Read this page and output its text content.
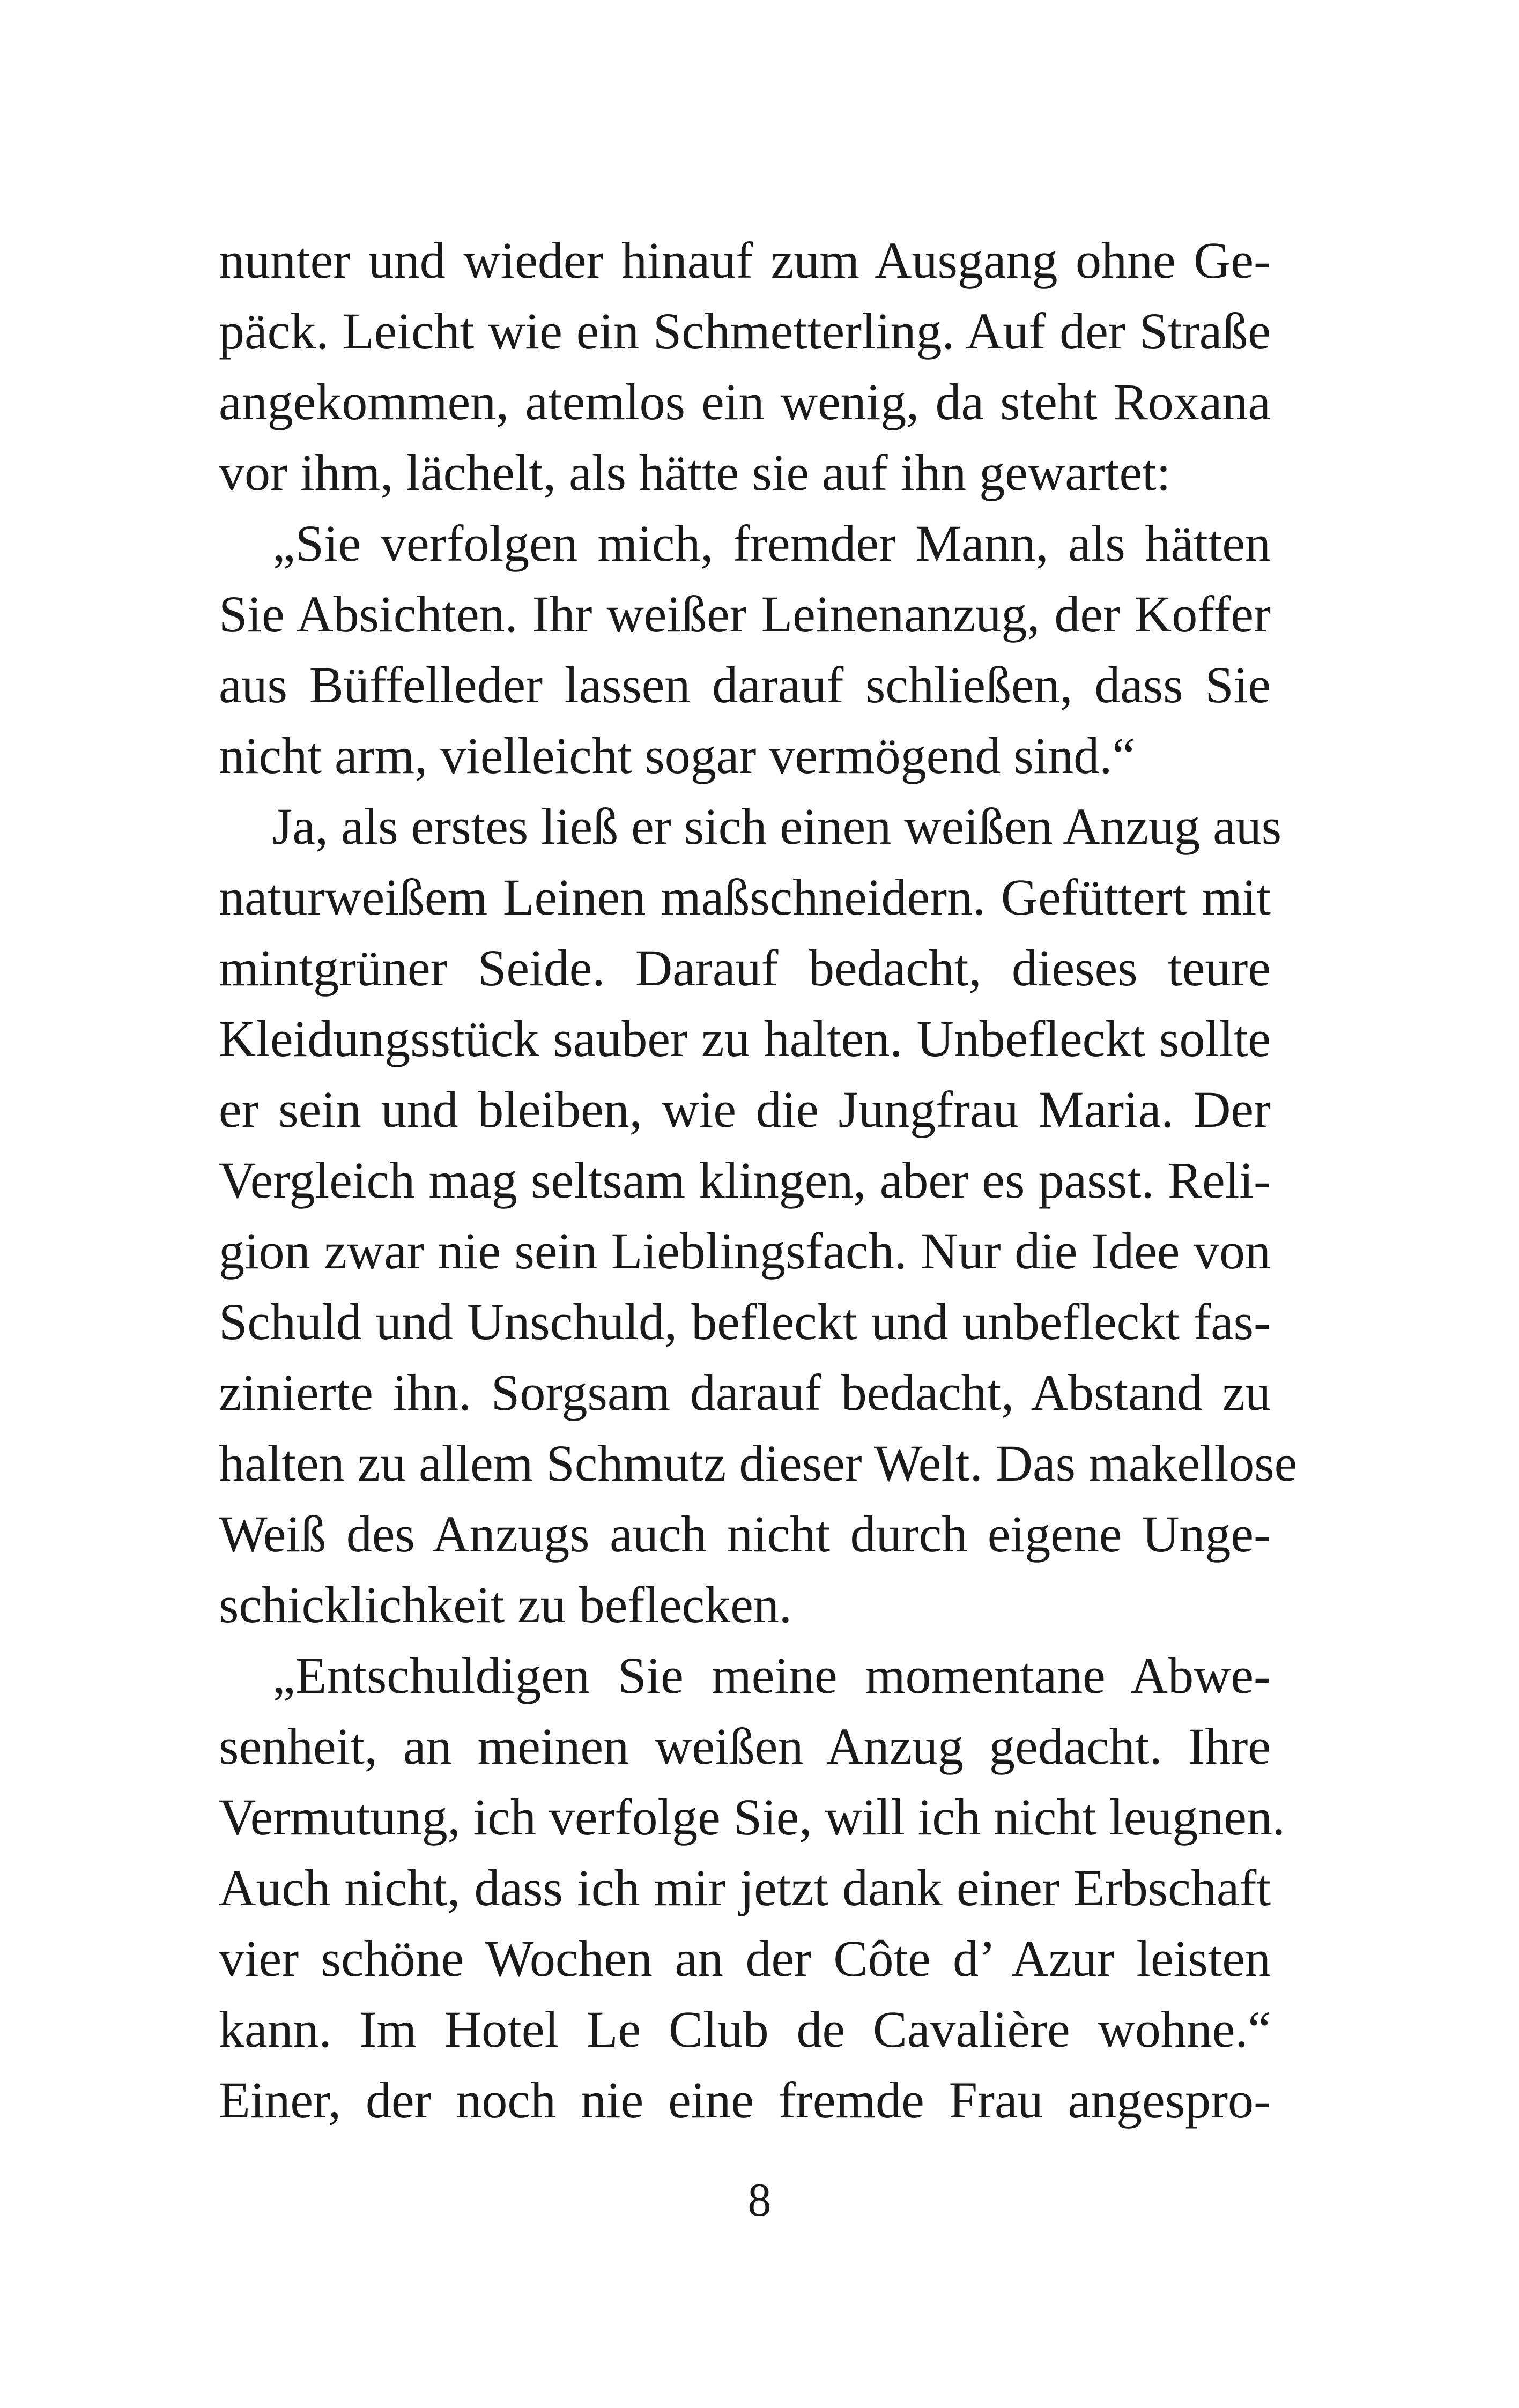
nunter und wieder hinauf zum Ausgang ohne Ge-
päck. Leicht wie ein Schmetterling. Auf der Straße
angekommen, atemlos ein wenig, da steht Roxana
vor ihm, lächelt, als hätte sie auf ihn gewartet:
„Sie verfolgen mich, fremder Mann, als hätten
Sie Absichten. Ihr weißer Leinenanzug, der Koffer
aus Büffelleder lassen darauf schließen, dass Sie
nicht arm, vielleicht sogar vermögend sind.“
Ja, als erstes ließ er sich einen weißen Anzug aus
naturweißem Leinen maßschneidern. Gefüttert mit
mintgrüner Seide. Darauf bedacht, dieses teure
Kleidungsstück sauber zu halten. Unbefleckt sollte
er sein und bleiben, wie die Jungfrau Maria. Der
Vergleich mag seltsam klingen, aber es passt. Reli-
gion zwar nie sein Lieblingsfach. Nur die Idee von
Schuld und Unschuld, befleckt und unbefleckt fas-
zinierte ihn. Sorgsam darauf bedacht, Abstand zu
halten zu allem Schmutz dieser Welt. Das makellose
Weiß des Anzugs auch nicht durch eigene Unge-
schicklichkeit zu beflecken.
„Entschuldigen Sie meine momentane Abwe-
senheit, an meinen weißen Anzug gedacht. Ihre
Vermutung, ich verfolge Sie, will ich nicht leugnen.
Auch nicht, dass ich mir jetzt dank einer Erbschaft
vier schöne Wochen an der Côte d’ Azur leisten
kann. Im Hotel Le Club de Cavalière wohne.“
Einer, der noch nie eine fremde Frau angespro-
8
